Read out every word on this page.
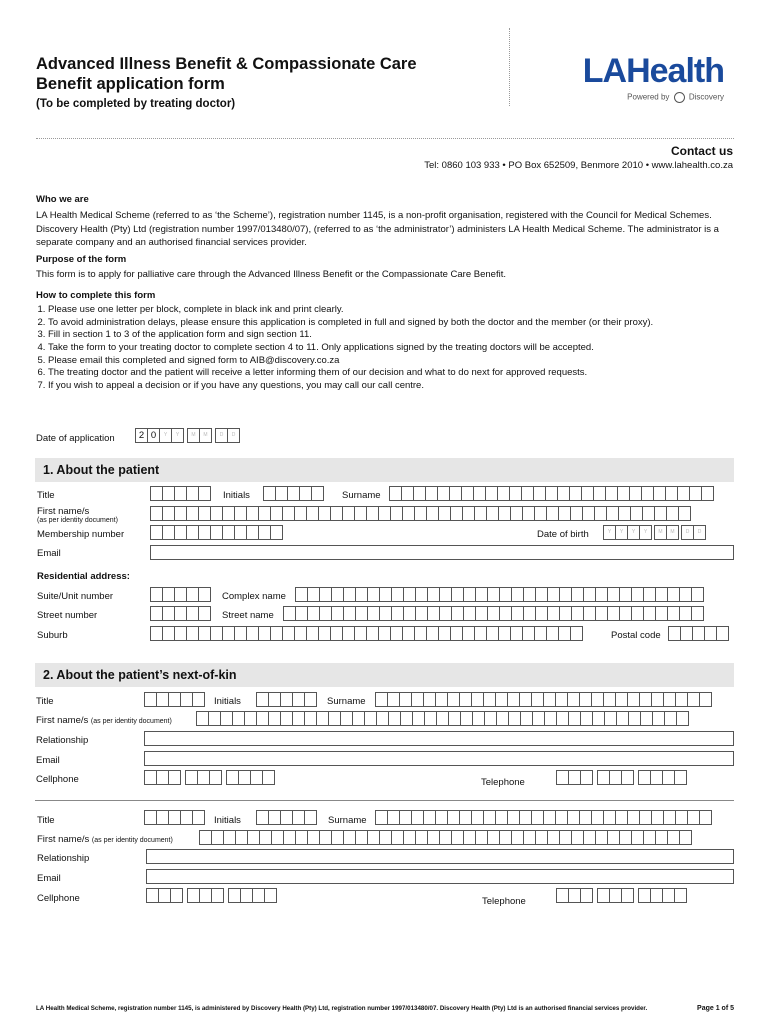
Advanced Illness Benefit & Compassionate Care
Benefit application form
(To be completed by treating doctor)
LAHealth
Powered by Discovery
Contact us
Tel: 0860 103 933 • PO Box 652509, Benmore 2010 • www.lahealth.co.za
Who we are
LA Health Medical Scheme (referred to as ‘the Scheme’), registration number 1145, is a non-profit organisation, registered with the Council for Medical Schemes.
Discovery Health (Pty) Ltd (registration number 1997/013480/07), (referred to as ‘the administrator’) administers LA Health Medical Scheme. The administrator is a separate company and an authorised financial services provider.
Purpose of the form
This form is to apply for palliative care through the Advanced Illness Benefit or the Compassionate Care Benefit.
How to complete this form
1. Please use one letter per block, complete in black ink and print clearly.
2. To avoid administration delays, please ensure this application is completed in full and signed by both the doctor and the member (or their proxy).
3. Fill in section 1 to 3 of the application form and sign section 11.
4. Take the form to your treating doctor to complete section 4 to 11. Only applications signed by the treating doctors will be accepted.
5. Please email this completed and signed form to AIB@discovery.co.za
6. The treating doctor and the patient will receive a letter informing them of our decision and what to do next for approved requests.
7. If you wish to appeal a decision or if you have any questions, you may call our call centre.
Date of application	2 0	Y	Y	M	M	D	D
1. About the patient
Title	Initials	Surname
First name/s
(as per identity document)
Membership number	Date of birth	Y	Y	Y	Y	M	M	D	D
Email
Residential address:
Suite/Unit number	Complex name
Street number	Street name
Suburb	Postal code
2. About the patient’s next-of-kin
Title	Initials	Surname
First name/s (as per identity document)
Relationship
Email
Cellphone	Telephone
Title	Initials	Surname
First name/s (as per identity document)
Relationship
Email
Cellphone	Telephone
LA Health Medical Scheme, registration number 1145, is administered by Discovery Health (Pty) Ltd, registration number 1997/013480/07. Discovery Health (Pty) Ltd is an authorised financial services provider.	Page 1 of 5
